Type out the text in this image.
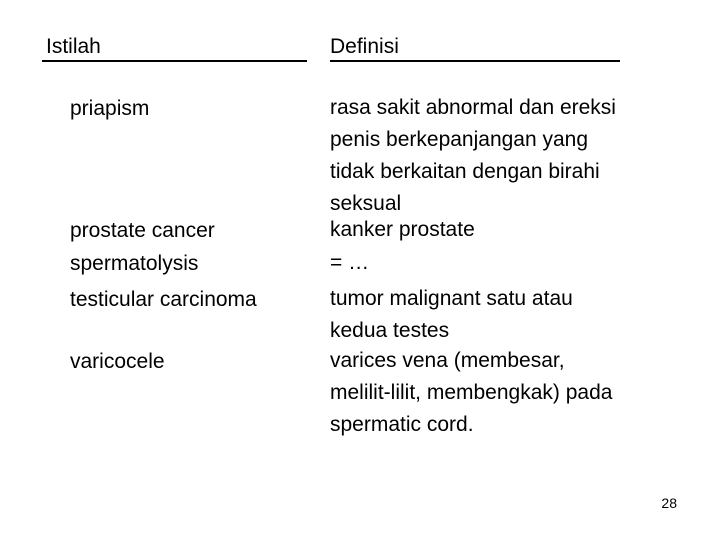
Istilah	Definisi
priapism	rasa sakit abnormal dan ereksi
penis berkepanjangan yang
tidak berkaitan dengan birahi
seksual
prostate cancer	kanker prostate
spermatolysis	= …
testicular carcinoma	tumor malignant satu atau
kedua testes
varicocele	varices vena (membesar,
melilit-lilit, membengkak) pada
spermatic cord.
28
